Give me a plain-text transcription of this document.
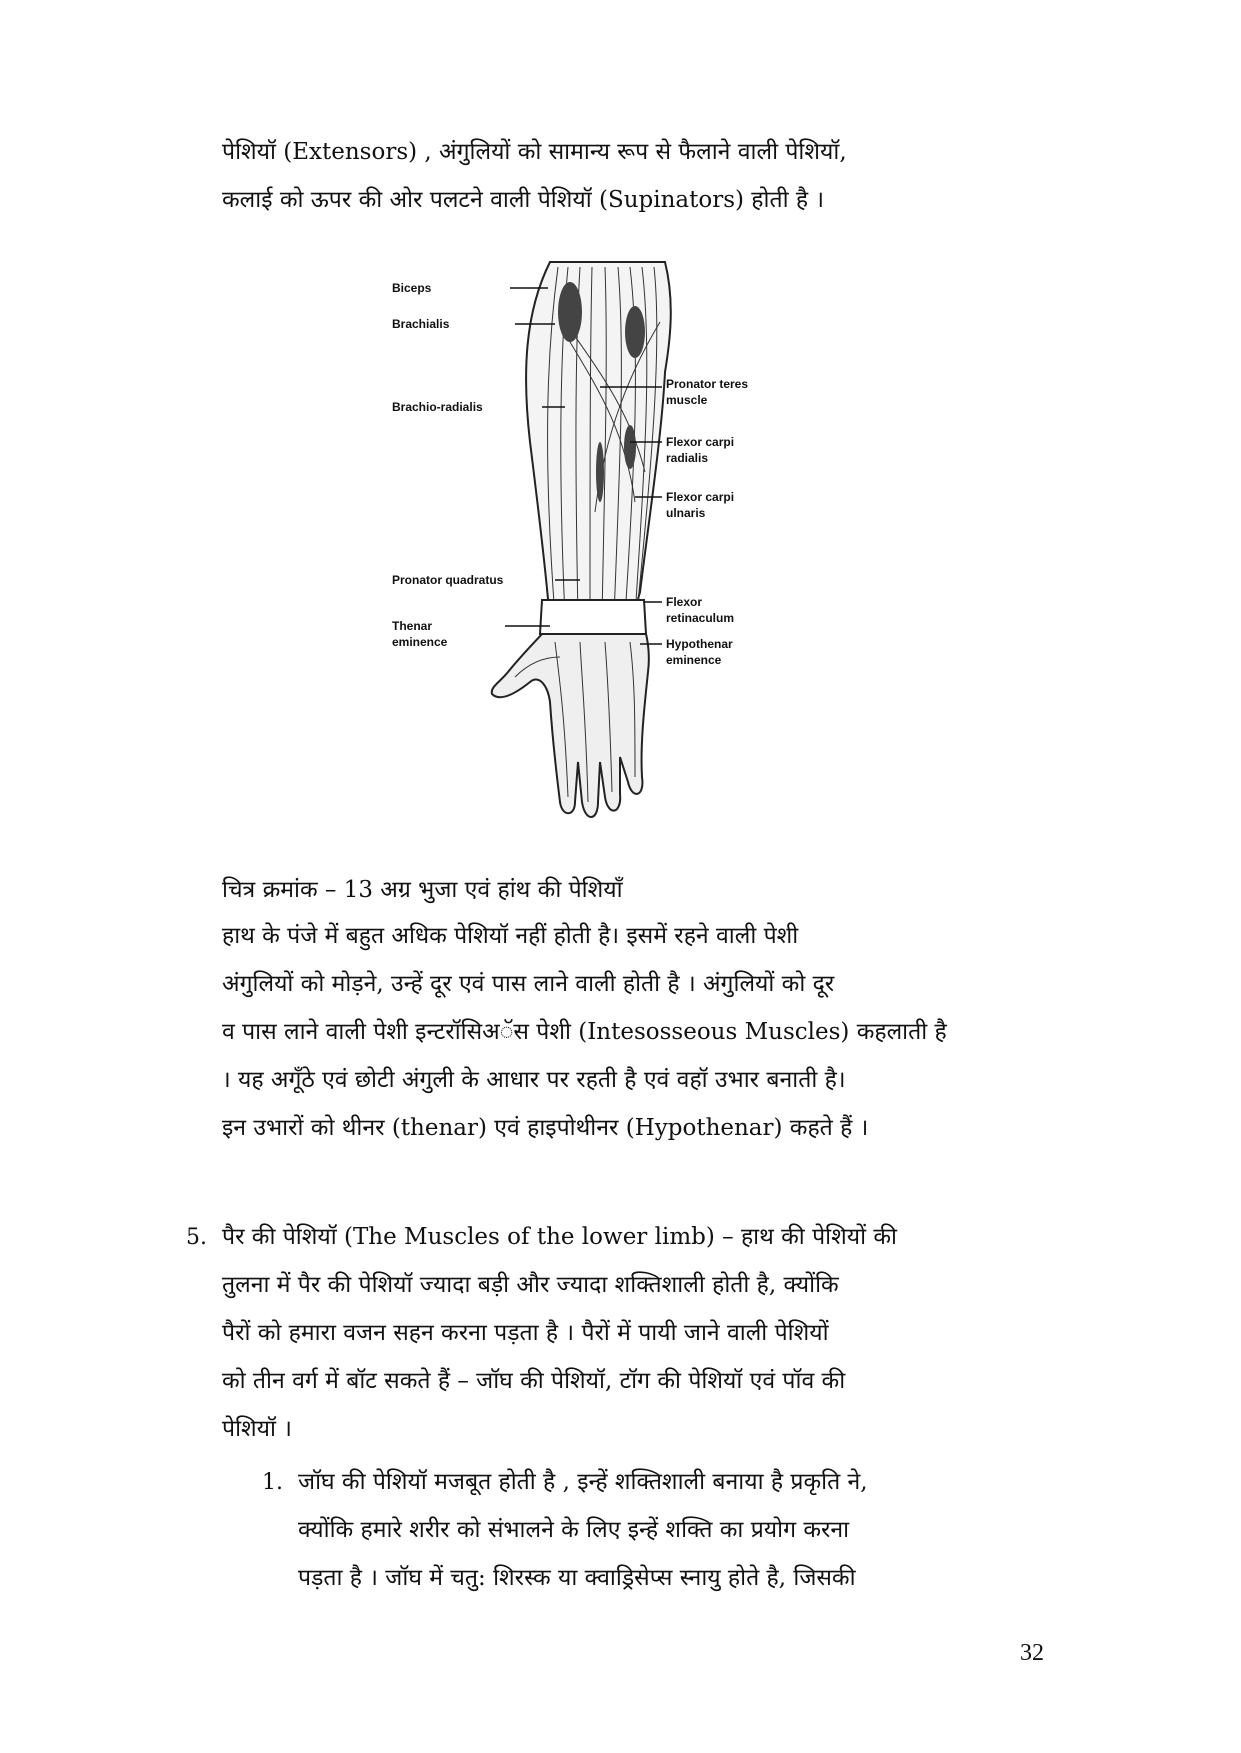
पेशियॉ (Extensors) , अंगुलियों को सामान्य रूप से फैलाने वाली पेशियॉ,
कलाई को ऊपर की ओर पलटने वाली पेशियॉ (Supinators) होती है ।

Biceps
Brachialis
Brachio-radialis
Pronator teres
muscle
Flexor carpi
radialis
Flexor carpi
ulnaris
Pronator quadratus
Flexor
retinaculum
Thenar
eminence	Hypothenar
eminence

चित्र क्रमांक – 13 अग्र भुजा एवं हांथ की पेशियॉं

हाथ के पंजे में बहुत अधिक पेशियॉ नहीं होती है। इसमें रहने वाली पेशी
अंगुलियों को मोड़ने, उन्हें दूर एवं पास लाने वाली होती है । अंगुलियों को दूर
व पास लाने वाली पेशी इन्टरॉसिअॅस पेशी (Intesosseous Muscles) कहलाती है
। यह अगूँठे एवं छोटी अंगुली के आधार पर रहती है एवं वहॉ उभार बनाती है।
इन उभारों को थीनर (thenar) एवं हाइपोथीनर (Hypothenar) कहते हैं ।

5. पैर की पेशियॉ (The Muscles of the lower limb) – हाथ की पेशियों की
तुलना में पैर की पेशियॉ ज्यादा बड़ी और ज्यादा शक्तिशाली होती है, क्योंकि
पैरों को हमारा वजन सहन करना पड़ता है । पैरों में पायी जाने वाली पेशियों
को तीन वर्ग में बॉट सकते हैं – जॉघ की पेशियॉ, टॉग की पेशियॉ एवं पॉव की
पेशियॉ ।

1. जॉघ की पेशियॉ मजबूत होती है , इन्हें शक्तिशाली बनाया है प्रकृति ने,
क्योंकि हमारे शरीर को संभालने के लिए इन्हें शक्ति का प्रयोग करना
पड़ता है । जॉघ में चतु: शिरस्क या क्वाड्रिसेप्स स्नायु होते है, जिसकी

32
